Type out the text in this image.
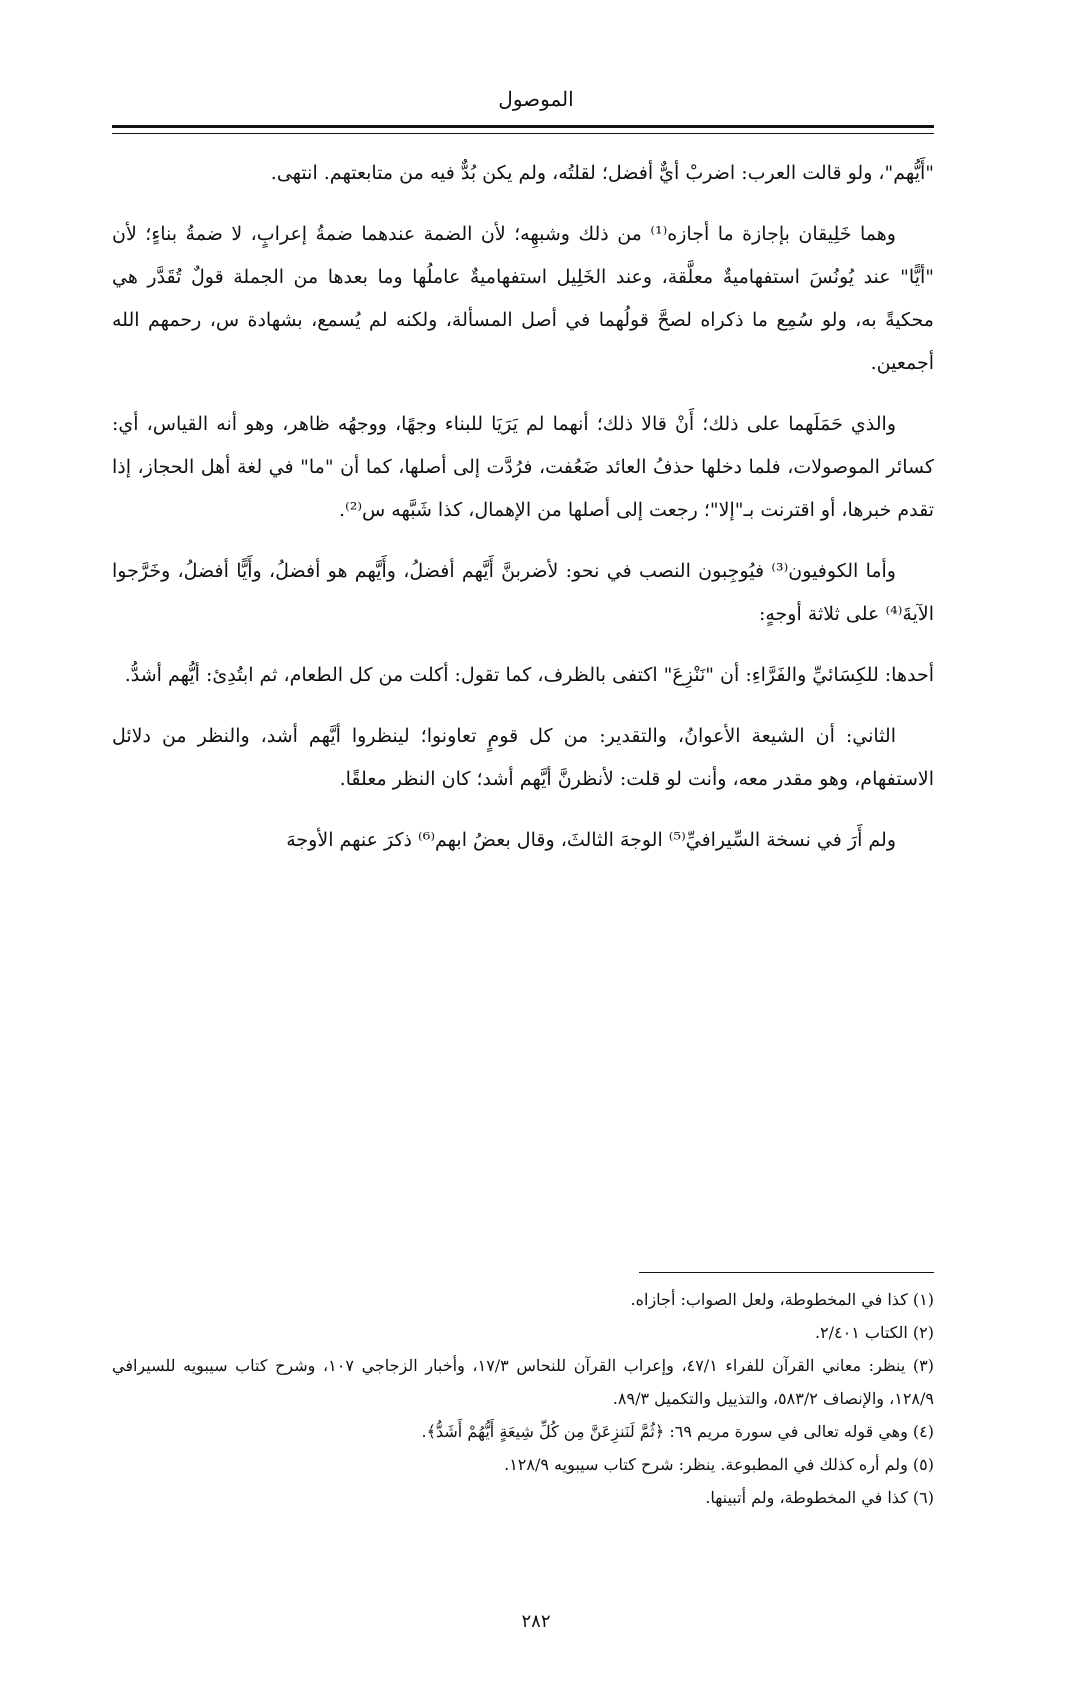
الموصول

"أَيُّهم"، ولو قالت العرب: اضربْ أيٌّ أفضل؛ لقلتُه، ولم يكن بُدٌّ فيه من متابعتهم. انتهى.

وهما خَلِيقان بإجازة ما أجازه⁽¹⁾ من ذلك وشبهِه؛ لأن الضمة عندهما ضمةُ إعرابٍ، لا ضمةُ بناءٍ؛ لأن "أيًّا" عند يُونُسَ استفهاميةٌ معلَّقة، وعند الخَلِيل استفهاميةٌ عاملُها وما بعدها من الجملة قولٌ تُقَدَّر هي محكيةً به، ولو سُمِع ما ذكراه لصحَّ قولُهما في أصل المسألة، ولكنه لم يُسمع، بشهادة س، رحمهم الله أجمعين.

والذي حَمَلَهما على ذلك؛ أَنْ قالا ذلك؛ أنهما لم يَرَيَا للبناء وجهًا، ووجهُه ظاهر، وهو أنه القياس، أي: كسائر الموصولات، فلما دخلها حذفُ العائد ضَعُفت، فرُدَّت إلى أصلها، كما أن "ما" في لغة أهل الحجاز، إذا تقدم خبرها، أو اقترنت بـ"إلا"؛ رجعت إلى أصلها من الإهمال، كذا شَبَّهه س⁽²⁾.

وأما الكوفيون⁽³⁾ فيُوجِبون النصب في نحو: لأضربنَّ أَيَّهم أفضلُ، وأَيَّهم هو أفضلُ، وأَيًّا أفضلُ، وخَرَّجوا الآيةَ⁽⁴⁾ على ثلاثة أوجهٍ:

أحدها: للكِسَائيِّ والفَرَّاءِ: أن "نَنْزِعَ" اكتفى بالظرف، كما تقول: أكلت من كل الطعام، ثم ابتُدِئ: أيُّهم أشدُّ.

الثاني: أن الشيعة الأعوانُ، والتقدير: من كل قومٍ تعاونوا؛ لينظروا أيَّهم أشد، والنظر من دلائل الاستفهام، وهو مقدر معه، وأنت لو قلت: لأنظرنَّ أيَّهم أشد؛ كان النظر معلقًا.

ولم أَرَ في نسخة السِّيرافيِّ⁽⁵⁾ الوجهَ الثالثَ، وقال بعضُ ابهم⁽⁶⁾ ذكرَ عنهم الأوجهَ

(١) كذا في المخطوطة، ولعل الصواب: أجازاه.
(٢) الكتاب ٢/٤٠١.
(٣) ينظر: معاني القرآن للفراء ٤٧/١، وإعراب القرآن للنحاس ١٧/٣، وأخبار الزجاجي ١٠٧، وشرح كتاب سيبويه للسيرافي ١٢٨/٩، والإنصاف ٥٨٣/٢، والتذييل والتكميل ٨٩/٣.
(٤) وهي قوله تعالى في سورة مريم ٦٩: ﴿ثُمَّ لَنَنزِعَنَّ مِن كُلِّ شِيعَةٍ أَيُّهُمْ أَشَدُّ﴾.
(٥) ولم أره كذلك في المطبوعة. ينظر: شرح كتاب سيبويه ١٢٨/٩.
(٦) كذا في المخطوطة، ولم أتبينها.
٢٨٢
